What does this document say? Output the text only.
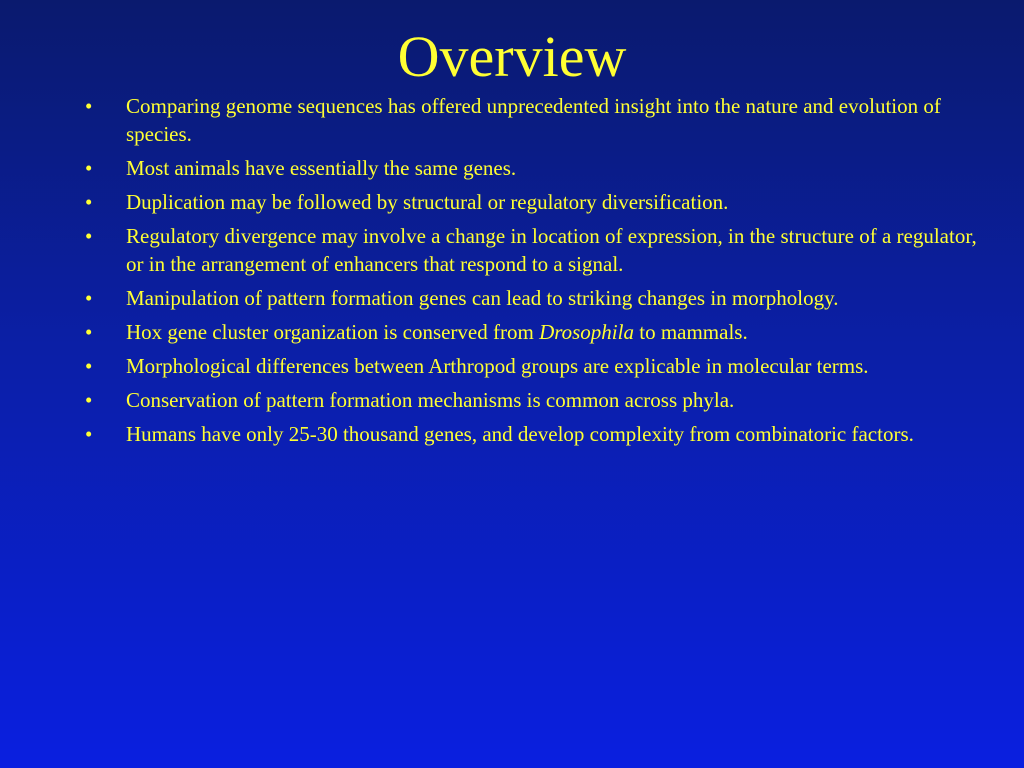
Overview
•	Comparing genome sequences has offered unprecedented insight into the nature and evolution of species.
•	Most animals have essentially the same genes.
•	Duplication may be followed by structural or regulatory diversification.
•	Regulatory divergence may involve a change in location of expression, in the structure of a regulator, or in the arrangement of enhancers that respond to a signal.
•	Manipulation of pattern formation genes can lead to striking changes in morphology.
•	Hox gene cluster organization is conserved from Drosophila to mammals.
•	Morphological differences between Arthropod groups are explicable in molecular terms.
•	Conservation of pattern formation mechanisms is common across phyla.
•	Humans have only 25-30 thousand genes, and develop complexity from combinatoric factors.
